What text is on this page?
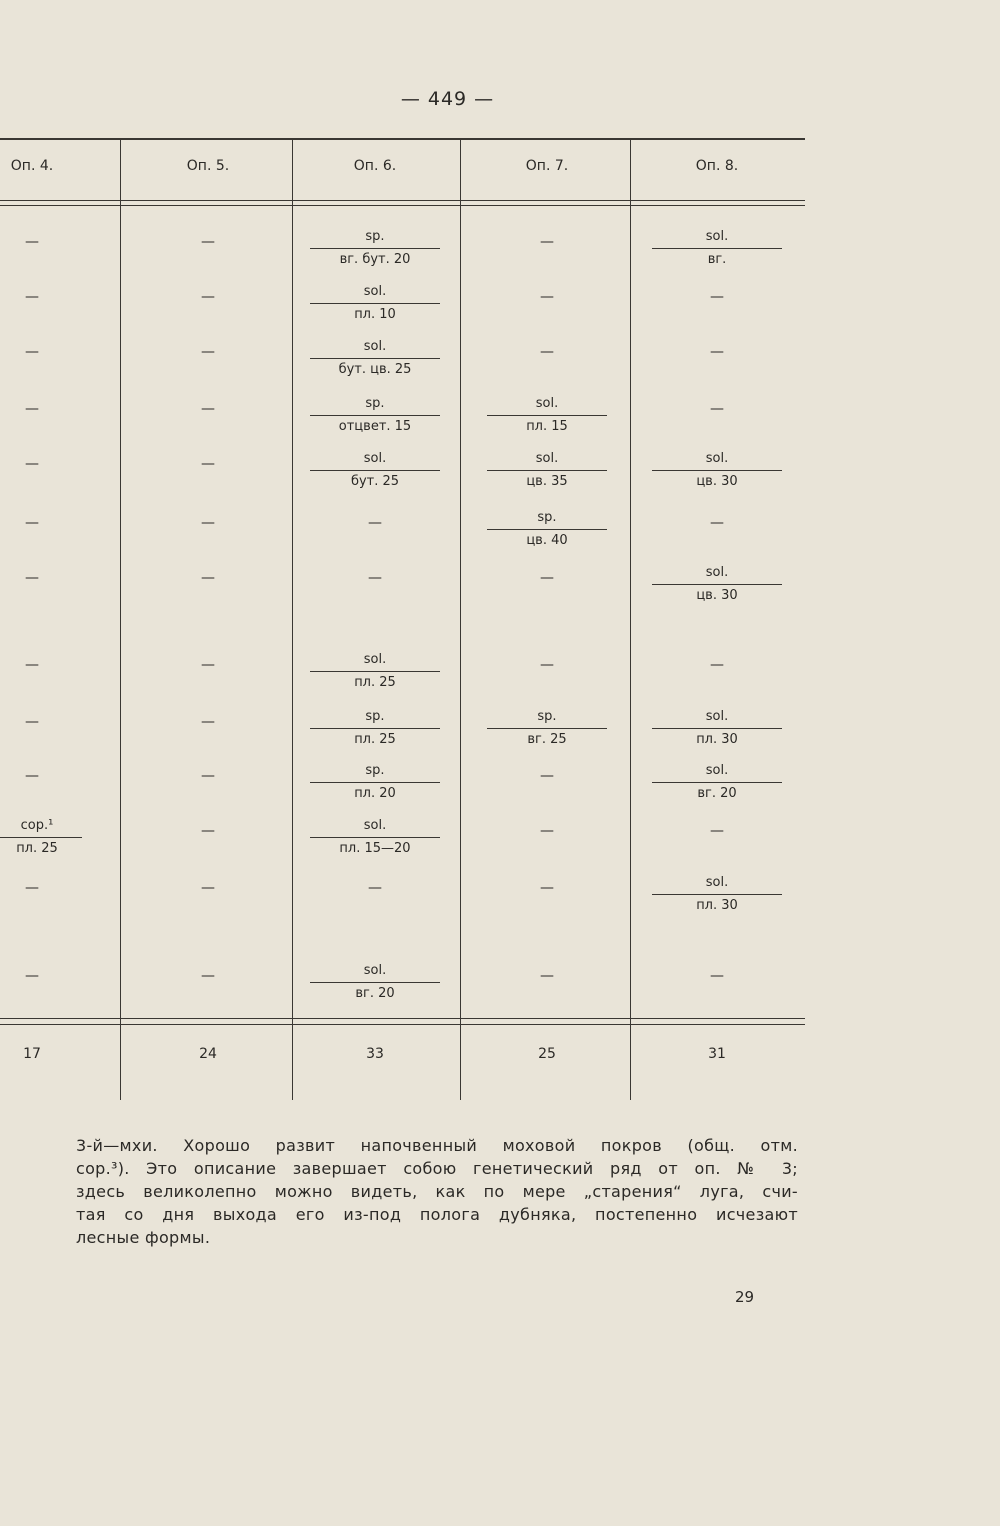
— 449 —
Оп. 4.
—
—
—
—
—
—
—
—
—
—
сор.¹
пл. 25
—
—
17
Оп. 5.
—
—
—
—
—
—
—
—
—
—
—
—
—
24
Оп. 6.
sp.
вг. бут. 20
sol.
пл. 10
sol.
бут. цв. 25
sp.
отцвет. 15
sol.
бут. 25
—
—
sol.
пл. 25
sp.
пл. 25
sp.
пл. 20
sol.
пл. 15—20
—
sol.
вг. 20
33
Оп. 7.
—
—
—
sol.
пл. 15
sol.
цв. 35
sp.
цв. 40
—
—
sp.
вг. 25
—
—
—
—
25
Оп. 8.
sol.
вг.
—
—
—
sol.
цв. 30
—
sol.
цв. 30
—
sol.
пл. 30
sol.
вг. 20
—
sol.
пл. 30
—
31
3-й—мхи. Хорошо развит напочвенный моховой покров (общ. отм.
сор.³). Это описание завершает собою генетический ряд от оп. № 3;
здесь великолепно можно видеть, как по мере „старения“ луга, счи-
тая со дня выхода его из-под полога дубняка, постепенно исчезают
лесные формы.
29
